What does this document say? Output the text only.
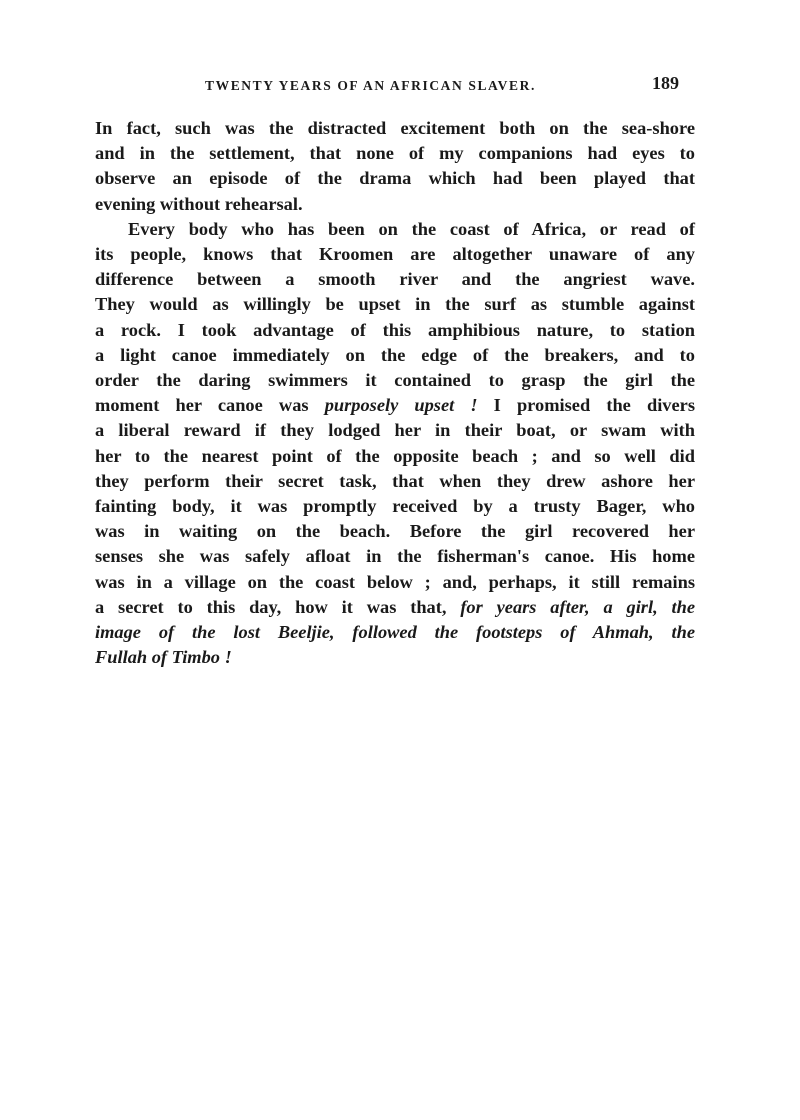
TWENTY YEARS OF AN AFRICAN SLAVER.	189
In fact, such was the distracted excitement both on the sea-shore
and in the settlement, that none of my companions had eyes to
observe an episode of the drama which had been played that
evening without rehearsal.
Every body who has been on the coast of Africa, or read of
its people, knows that Kroomen are altogether unaware of any
difference between a smooth river and the angriest wave.
They would as willingly be upset in the surf as stumble against
a rock. I took advantage of this amphibious nature, to station
a light canoe immediately on the edge of the breakers, and to
order the daring swimmers it contained to grasp the girl the
moment her canoe was purposely upset ! I promised the divers
a liberal reward if they lodged her in their boat, or swam with
her to the nearest point of the opposite beach ; and so well did
they perform their secret task, that when they drew ashore her
fainting body, it was promptly received by a trusty Bager, who
was in waiting on the beach. Before the girl recovered her
senses she was safely afloat in the fisherman's canoe. His home
was in a village on the coast below ; and, perhaps, it still remains
a secret to this day, how it was that, for years after, a girl, the
image of the lost Beeljie, followed the footsteps of Ahmah, the
Fullah of Timbo !
